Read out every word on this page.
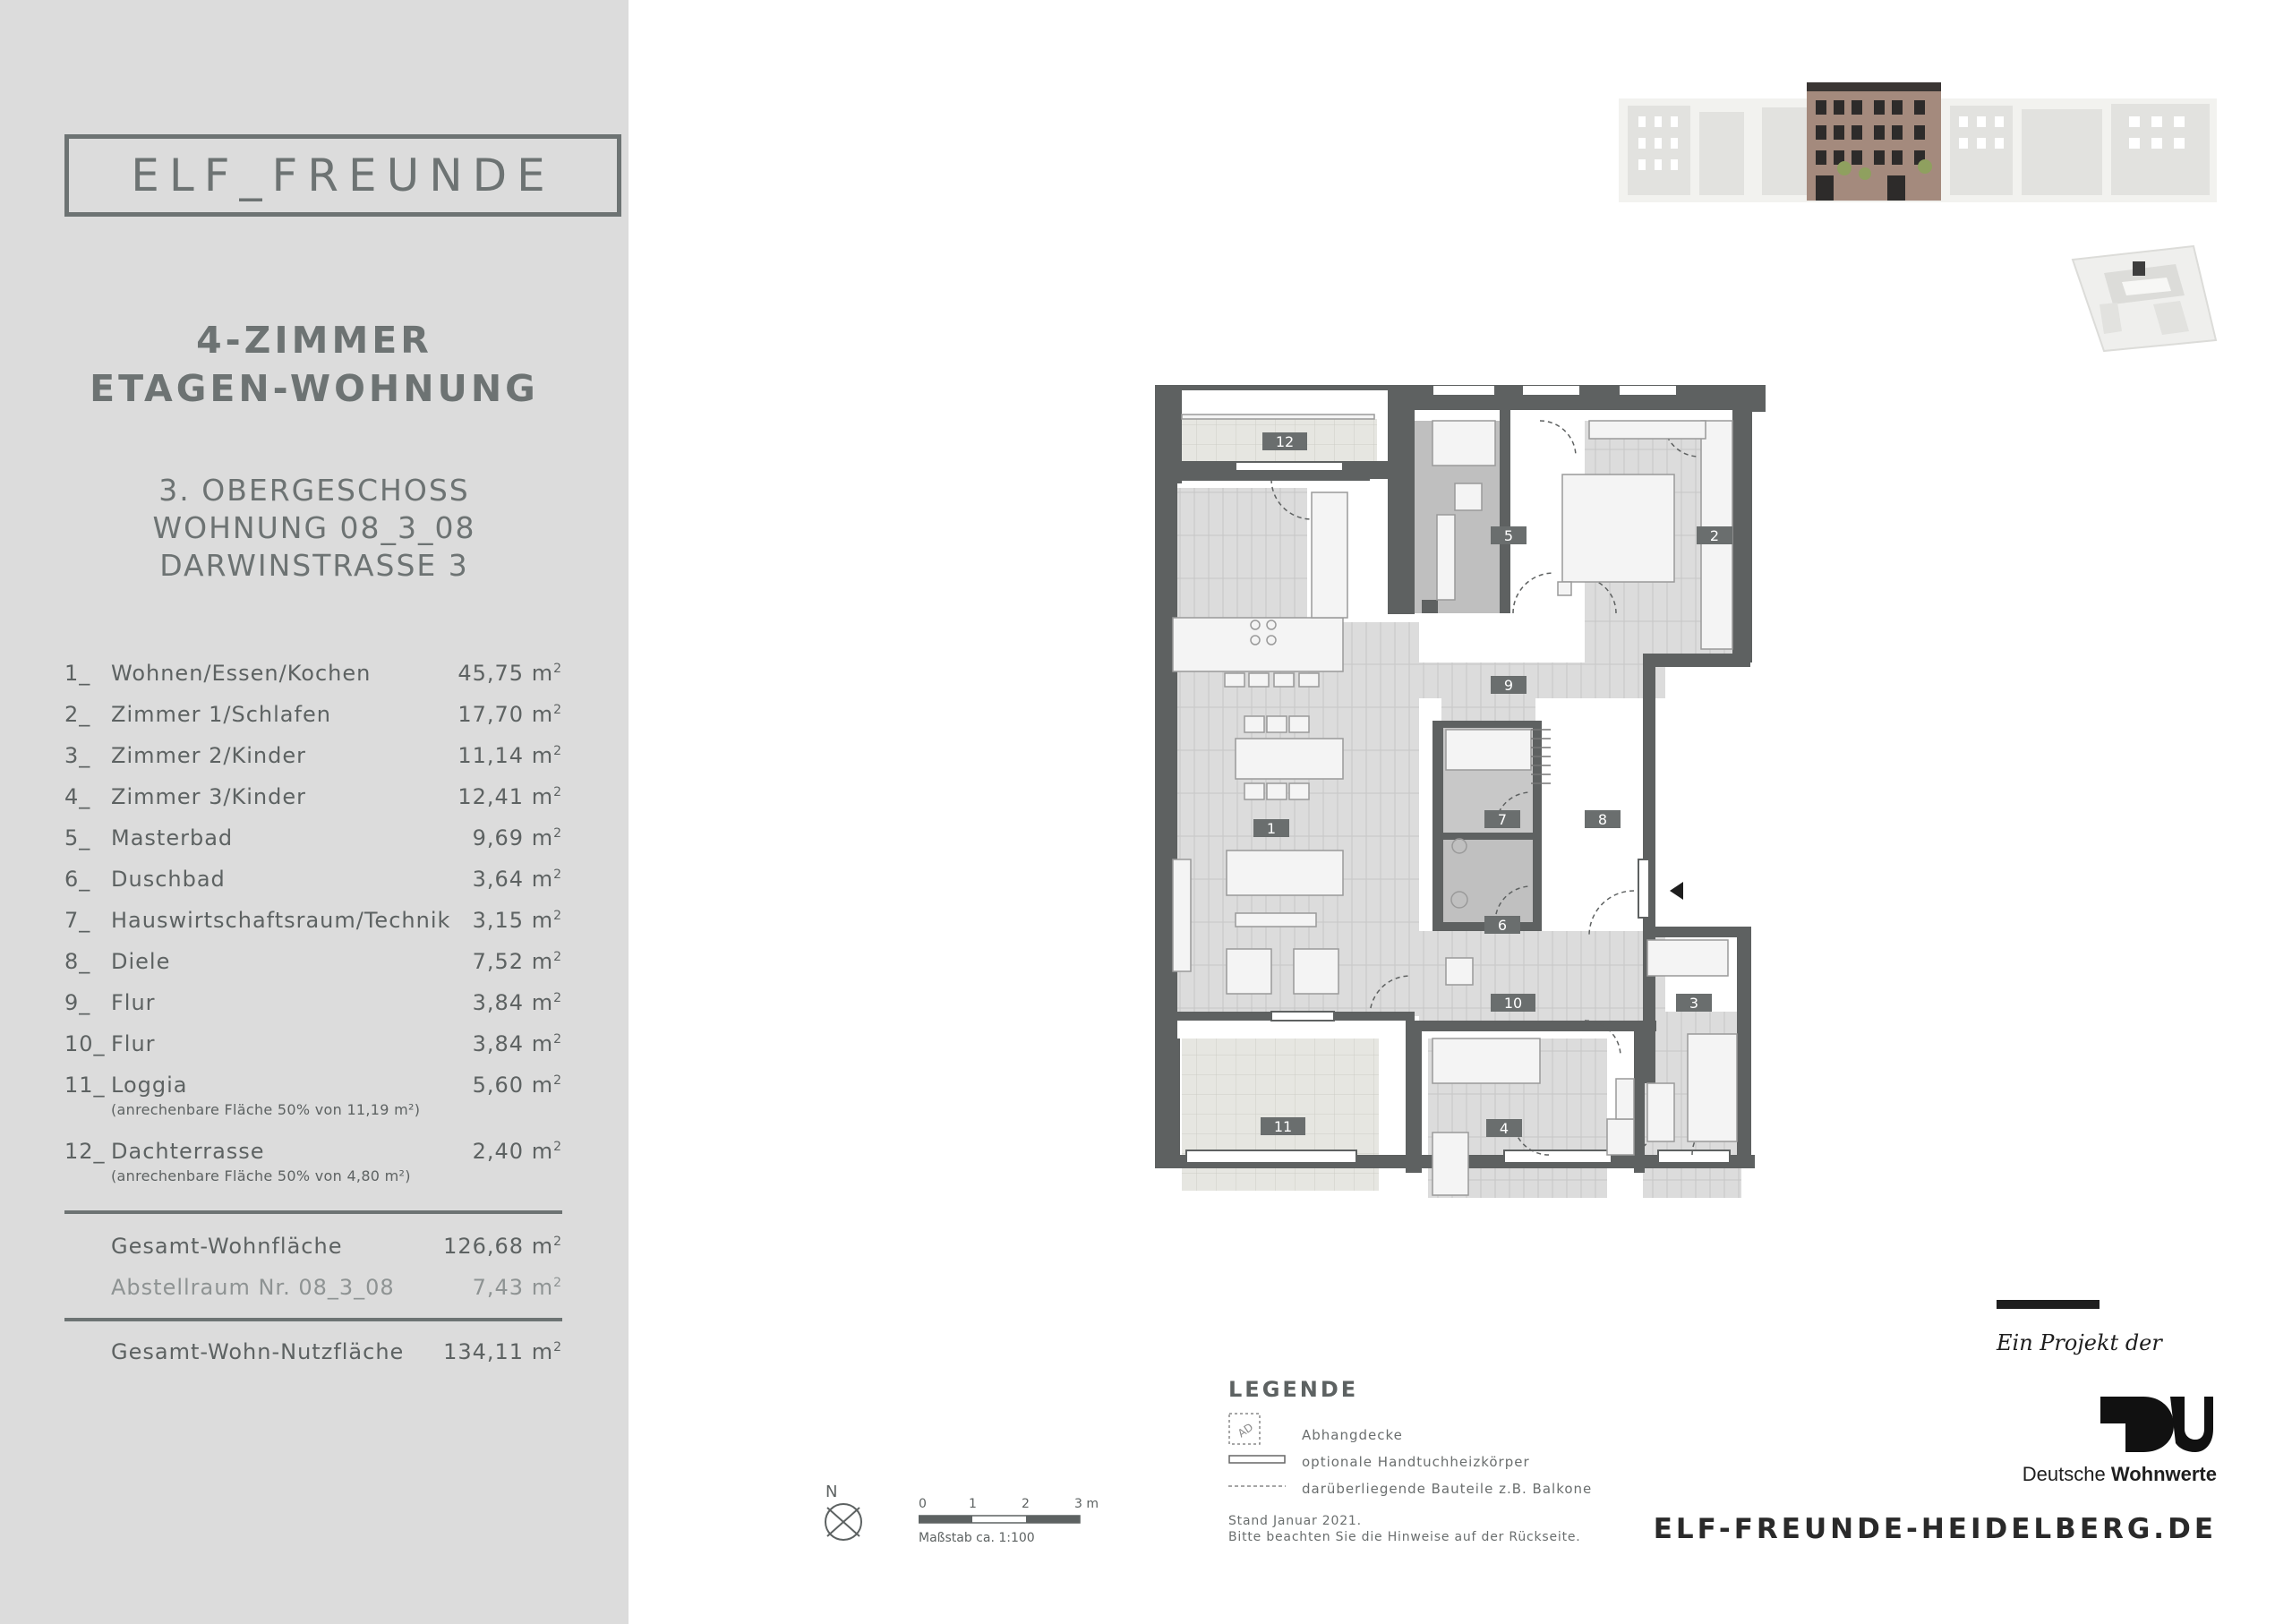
ELF_FREUNDE
4-ZIMMER
ETAGEN-WOHNUNG
3. OBERGESCHOSS
WOHNUNG 08_3_08
DARWINSTRASSE 3
1_ Wohnen/Essen/Kochen	45,75 $m^2$
2_ Zimmer 1/Schlafen	17,70 $m^2$
3_ Zimmer 2/Kinder	11,14 $m^2$
4_ Zimmer 3/Kinder	12,41 $m^2$
5_ Masterbad	9,69 $m^2$
6_ Duschbad	3,64 $m^2$
7_ Hauswirtschaftsraum/Technik 3,15 $m^2$
8_ Diele	7,52 $m^2$
9_ Flur	3,84 $m^2$
10_ Flur	3,84 $m^2$
11_ Loggia	5,60 $m^2$
(anrechenbare Fläche 50% von 11,19 m²)
12_ Dachterrasse	2,40 $m^2$
(anrechenbare Fläche 50% von 4,80 m²)
Gesamt-Wohnfläche	126,68 $m^2$
Abstellraum Nr. 08_3_08	7,43 $m^2$
Gesamt-Wohn-Nutzfläche 134,11 $m^2$
1
2
3
4
5
6
7	8
9
10
11
12
LEGENDE
AD	Abhangdecke
optionale Handtuchheizkörper
darüberliegende Bauteile z.B. Balkone
Stand Januar 2021.
Bitte beachten Sie die Hinweise auf der Rückseite.
N
0	1	2	3 m
Maßstab ca. 1:100
Ein Projekt der
Deutsche Wohnwerte
ELF-FREUNDE-HEIDELBERG.DE
